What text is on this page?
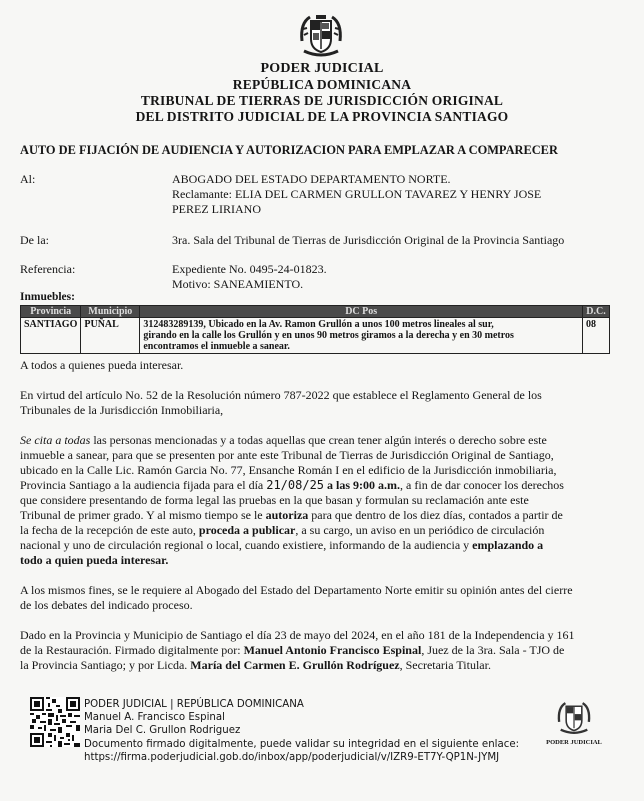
PODER JUDICIAL
REPÚBLICA DOMINICANA
TRIBUNAL DE TIERRAS DE JURISDICCIÓN ORIGINAL
DEL DISTRITO JUDICIAL DE LA PROVINCIA SANTIAGO
AUTO DE FIJACIÓN DE AUDIENCIA Y AUTORIZACION PARA EMPLAZAR A COMPARECER
Al:	ABOGADO DEL ESTADO DEPARTAMENTO NORTE.
Reclamante: ELIA DEL CARMEN GRULLON TAVAREZ Y HENRY JOSE
PEREZ LIRIANO
De la:	3ra. Sala del Tribunal de Tierras de Jurisdicción Original de la Provincia Santiago
Referencia:	Expediente No. 0495-24-01823.
Motivo: SANEAMIENTO.
Inmuebles:
Provincia	Municipio	DC Pos	D.C.
SANTIAGO	PUÑAL	312483289139, Ubicado en la Av. Ramon Grullón a unos 100 metros lineales al sur,
girando en la calle los Grullón y en unos 90 metros giramos a la derecha y en 30 metros
encontramos el inmueble a sanear.	08
A todos a quienes pueda interesar.
En virtud del artículo No. 52 de la Resolución número 787-2022 que establece el Reglamento General de los
Tribunales de la Jurisdicción Inmobiliaria,
Se cita a todas las personas mencionadas y a todas aquellas que crean tener algún interés o derecho sobre este
inmueble a sanear, para que se presenten por ante este Tribunal de Tierras de Jurisdicción Original de Santiago,
ubicado en la Calle Lic. Ramón Garcia No. 77, Ensanche Román I en el edificio de la Jurisdicción inmobiliaria,
Provincia Santiago a la audiencia fijada para el día 21/08/25 a las 9:00 a.m., a fin de dar conocer los derechos
que considere presentando de forma legal las pruebas en la que basan y formulan su reclamación ante este
Tribunal de primer grado. Y al mismo tiempo se le autoriza para que dentro de los diez días, contados a partir de
la fecha de la recepción de este auto, proceda a publicar, a su cargo, un aviso en un periódico de circulación
nacional y uno de circulación regional o local, cuando existiere, informando de la audiencia y emplazando a
todo a quien pueda interesar.
A los mismos fines, se le requiere al Abogado del Estado del Departamento Norte emitir su opinión antes del cierre
de los debates del indicado proceso.
Dado en la Provincia y Municipio de Santiago el día 23 de mayo del 2024, en el año 181 de la Independencia y 161
de la Restauración. Firmado digitalmente por: Manuel Antonio Francisco Espinal, Juez de la 3ra. Sala - TJO de
la Provincia Santiago; y por Licda. María del Carmen E. Grullón Rodríguez, Secretaria Titular.
PODER JUDICIAL | REPÚBLICA DOMINICANA
Manuel A. Francisco Espinal
Maria Del C. Grullon Rodriguez
Documento firmado digitalmente, puede validar su integridad en el siguiente enlace:
https://firma.poderjudicial.gob.do/inbox/app/poderjudicial/v/IZR9-ET7Y-QP1N-JYMJ
PODER JUDICIAL
